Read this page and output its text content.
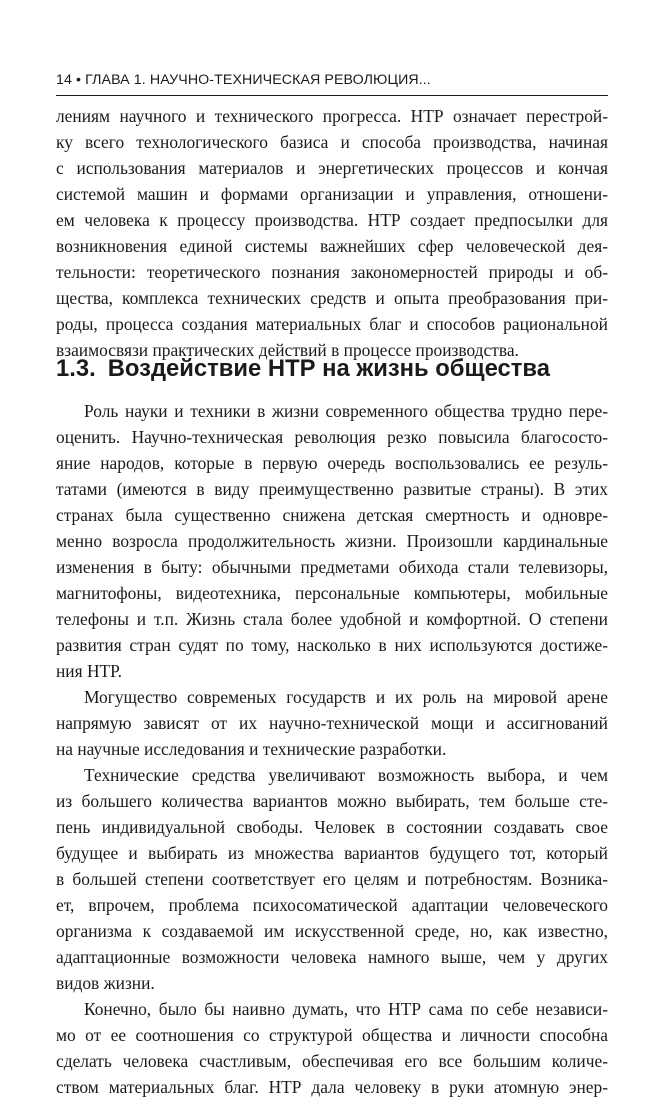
14 • ГЛАВА 1. НАУЧНО-ТЕХНИЧЕСКАЯ РЕВОЛЮЦИЯ...
лениям научного и технического прогресса. НТР означает перестрой-
ку всего технологического базиса и способа производства, начиная
с использования материалов и энергетических процессов и кончая
системой машин и формами организации и управления, отношени-
ем человека к процессу производства. НТР создает предпосылки для
возникновения единой системы важнейших сфер человеческой дея-
тельности: теоретического познания закономерностей природы и об-
щества, комплекса технических средств и опыта преобразования при-
роды, процесса создания материальных благ и способов рациональной
взаимосвязи практических действий в процессе производства.
1.3. Воздействие НТР на жизнь общества
Роль науки и техники в жизни современного общества трудно пере-
оценить. Научно-техническая революция резко повысила благососто-
яние народов, которые в первую очередь воспользовались ее резуль-
татами (имеются в виду преимущественно развитые страны). В этих
странах была существенно снижена детская смертность и одновре-
менно возросла продолжительность жизни. Произошли кардинальные
изменения в быту: обычными предметами обихода стали телевизоры,
магнитофоны, видеотехника, персональные компьютеры, мобильные
телефоны и т.п. Жизнь стала более удобной и комфортной. О степени
развития стран судят по тому, насколько в них используются достиже-
ния НТР.
Могущество современых государств и их роль на мировой арене
напрямую зависят от их научно-технической мощи и ассигнований
на научные исследования и технические разработки.
Технические средства увеличивают возможность выбора, и чем
из большего количества вариантов можно выбирать, тем больше сте-
пень индивидуальной свободы. Человек в состоянии создавать свое
будущее и выбирать из множества вариантов будущего тот, который
в большей степени соответствует его целям и потребностям. Возника-
ет, впрочем, проблема психосоматической адаптации человеческого
организма к создаваемой им искусственной среде, но, как известно,
адаптационные возможности человека намного выше, чем у других
видов жизни.
Конечно, было бы наивно думать, что НТР сама по себе независи-
мо от ее соотношения со структурой общества и личности способна
сделать человека счастливым, обеспечивая его все большим количе-
ством материальных благ. НТР дала человеку в руки атомную энер-
